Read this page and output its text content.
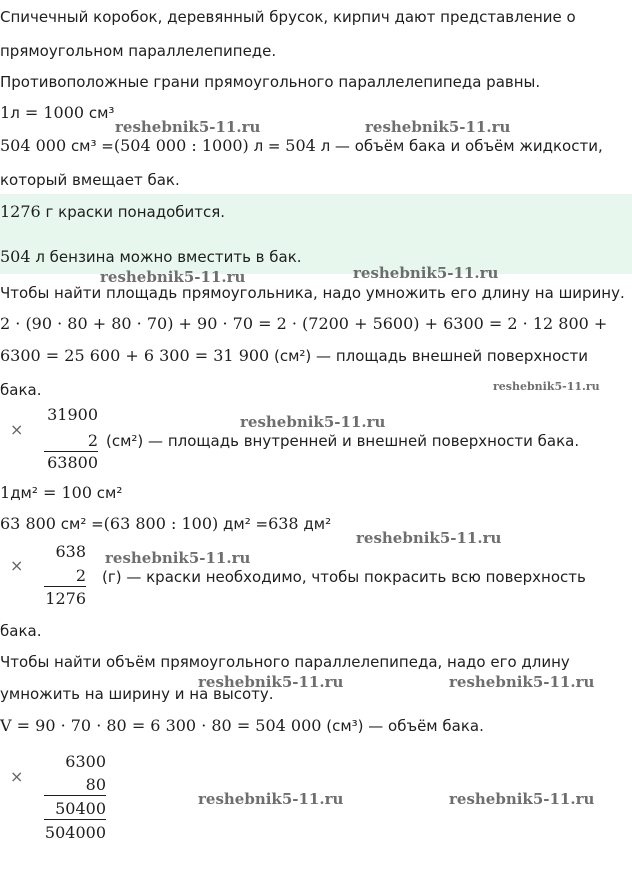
Спичечный коробок, деревянный брусок, кирпич дают представление о
прямоугольном параллелепипеде.
Противоположные грани прямоугольного параллелепипеда равны.
1л = 1000 см³
504 000 см³ =(504 000 : 1000) л = 504 л — объём бака и объём жидкости,
который вмещает бак.
1276 г краски понадобится.
504 л бензина можно вместить в бак.
Чтобы найти площадь прямоугольника, надо умножить его длину на ширину.
2 · (90 · 80 + 80 · 70) + 90 · 70 = 2 · (7200 + 5600) + 6300 = 2 · 12 800 +
6300 = 25 600 + 6 300 = 31 900 (см²) — площадь внешней поверхности
бака.
×
31900
2
63800
(см²) — площадь внутренней и внешней поверхности бака.
1дм² = 100 см²
63 800 см² =(63 800 : 100) дм² =638 дм²
×
638
2
1276
(г) — краски необходимо, чтобы покрасить всю поверхность
бака.
Чтобы найти объём прямоугольного параллелепипеда, надо его длину
умножить на ширину и на высоту.
V = 90 · 70 · 80 = 6 300 · 80 = 504 000 (см³) — объём бака.
×
6300
80
50400
504000
reshebnik5-11.ru	reshebnik5-11.ru
reshebnik5-11.ru	reshebnik5-11.ru
reshebnik5-11.ru
reshebnik5-11.ru
reshebnik5-11.ru
reshebnik5-11.ru
reshebnik5-11.ru	reshebnik5-11.ru
reshebnik5-11.ru	reshebnik5-11.ru
